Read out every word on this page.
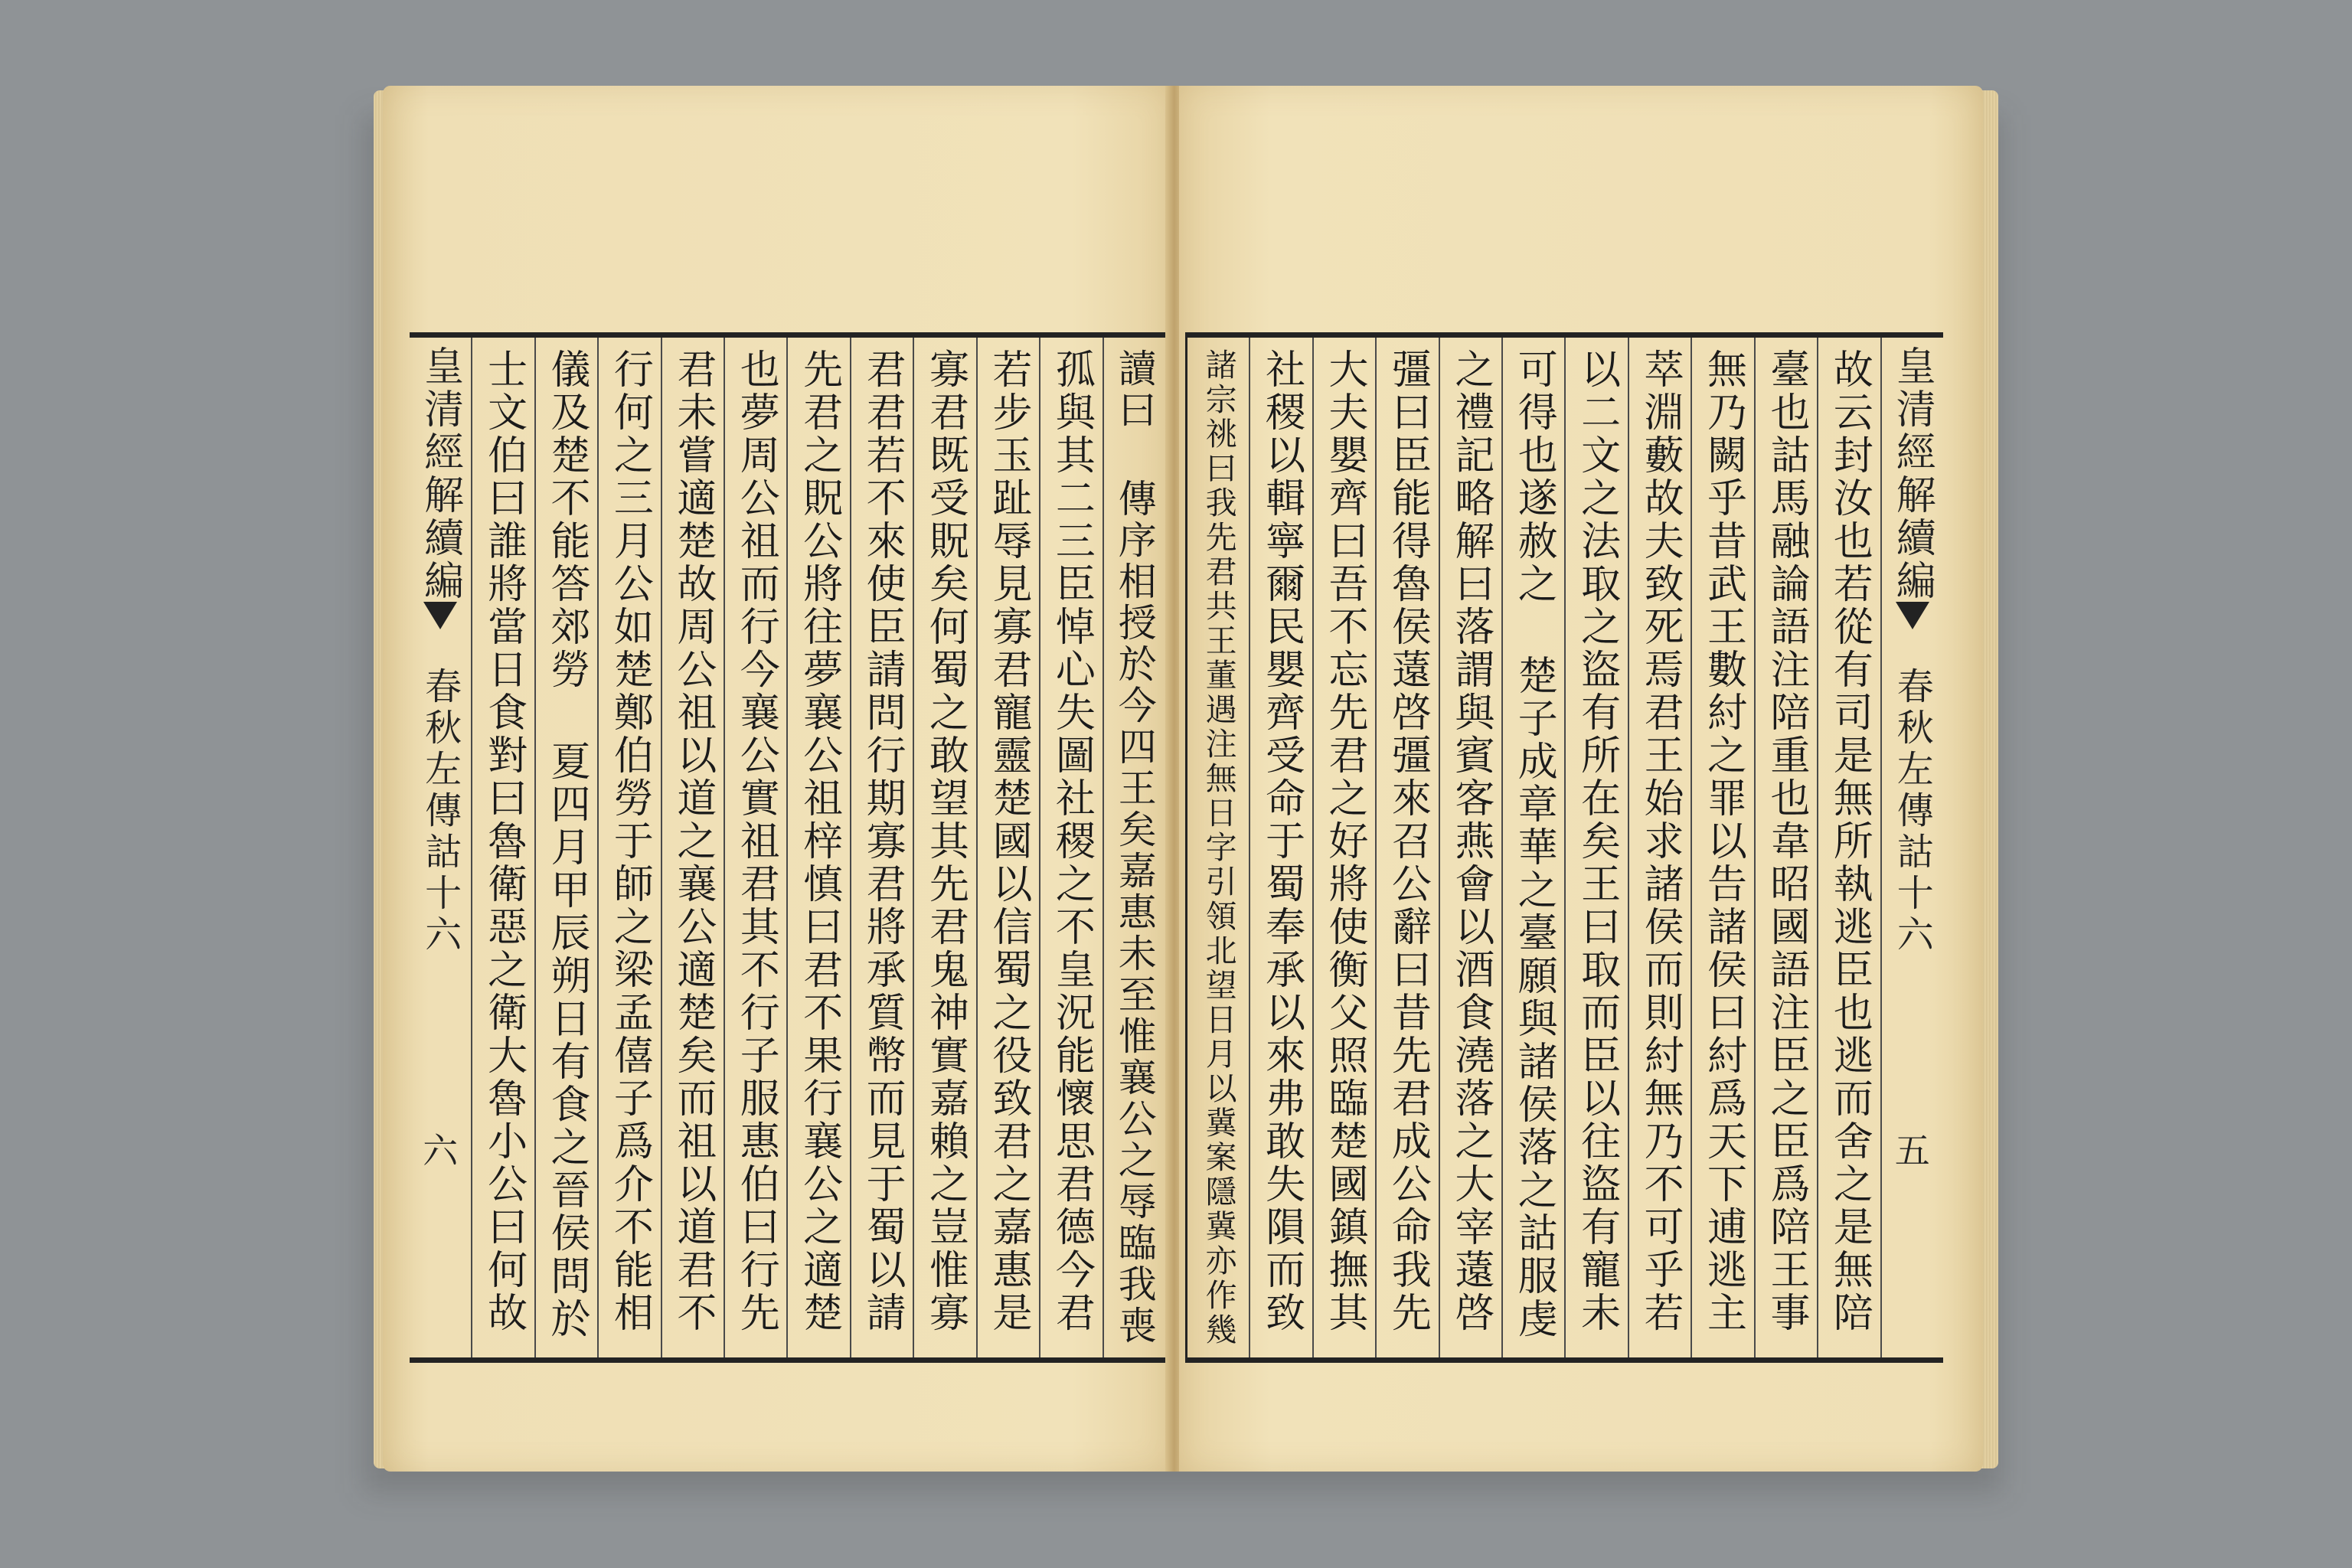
讀曰 傳序相授於今四王矣嘉惠未至惟襄公之辱臨我喪
孤與其二三臣悼心失圖社稷之不皇況能懷思君德今君
若步玉趾辱見寡君寵靈楚國以信蜀之役致君之嘉惠是
寡君既受貺矣何蜀之敢望其先君鬼神實嘉賴之豈惟寡
君君若不來使臣請問行期寡君將承質幣而見于蜀以請
先君之貺公將往夢襄公祖梓慎曰君不果行襄公之適楚
也夢周公祖而行今襄公實祖君其不行子服惠伯曰行先
君未嘗適楚故周公祖以道之襄公適楚矣而祖以道君不
行何之三月公如楚鄭伯勞于師之梁孟僖子爲介不能相
儀及楚不能答郊勞 夏四月甲辰朔日有食之晉侯問於
士文伯曰誰將當日食對曰魯衛惡之衛大魯小公曰何故
皇清經解續編
春秋左傳詁十六
六
皇清經解續編
春秋左傳詁十六
五
故云封汝也若從有司是無所執逃臣也逃而舍之是無陪
臺也詁馬融論語注陪重也韋昭國語注臣之臣爲陪王事
無乃闕乎昔武王數紂之罪以告諸侯曰紂爲天下逋逃主
萃淵藪故夫致死焉君王始求諸侯而則紂無乃不可乎若
以二文之法取之盜有所在矣王曰取而臣以往盜有寵未
可得也遂赦之 楚子成章華之臺願與諸侯落之詁服虔
之禮記略解曰落謂與賓客燕會以酒食澆落之大宰薳啓
彊曰臣能得魯侯薳啓彊來召公辭曰昔先君成公命我先
大夫嬰齊曰吾不忘先君之好將使衡父照臨楚國鎮撫其
社稷以輯寧爾民嬰齊受命于蜀奉承以來弗敢失隕而致
諸宗祧曰我先君共王董遇注無日字引領北望日月以冀案隱冀亦作幾
